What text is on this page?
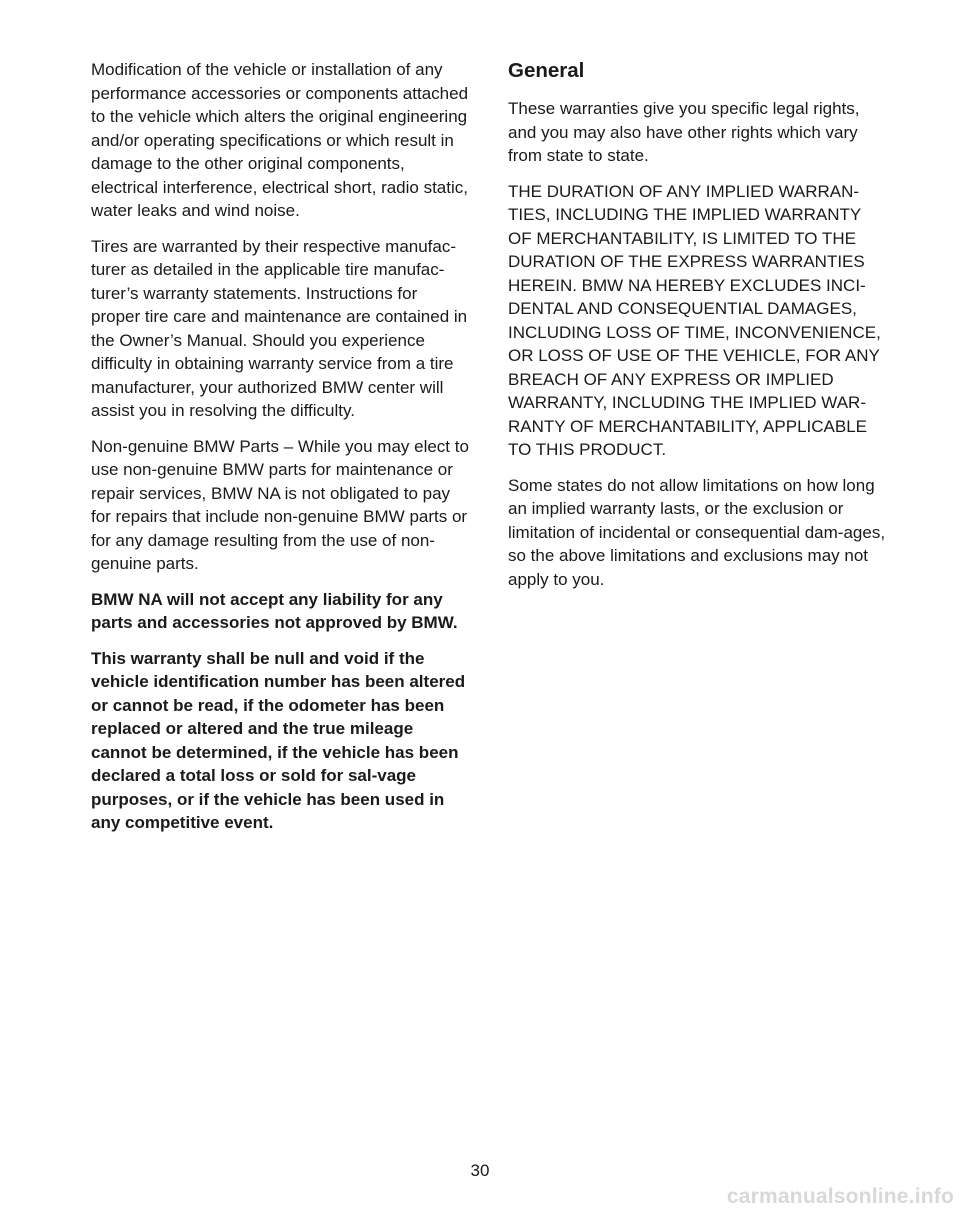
Modification of the vehicle or installation of any performance accessories or components attached to the vehicle which alters the original engineering and/or operating specifications or which result in damage to the other original components, electrical interference, electrical short, radio static, water leaks and wind noise.

Tires are warranted by their respective manufac-turer as detailed in the applicable tire manufac-turer’s warranty statements. Instructions for proper tire care and maintenance are contained in the Owner’s Manual. Should you experience difficulty in obtaining warranty service from a tire manufacturer, your authorized BMW center will assist you in resolving the difficulty.

Non-genuine BMW Parts – While you may elect to use non-genuine BMW parts for maintenance or repair services, BMW NA is not obligated to pay for repairs that include non-genuine BMW parts or for any damage resulting from the use of non-genuine parts.

BMW NA will not accept any liability for any parts and accessories not approved by BMW.

This warranty shall be null and void if the vehicle identification number has been altered or cannot be read, if the odometer has been replaced or altered and the true mileage cannot be determined, if the vehicle has been declared a total loss or sold for sal-vage purposes, or if the vehicle has been used in any competitive event.

General

These warranties give you specific legal rights, and you may also have other rights which vary from state to state.

THE DURATION OF ANY IMPLIED WARRAN-TIES, INCLUDING THE IMPLIED WARRANTY OF MERCHANTABILITY, IS LIMITED TO THE DURATION OF THE EXPRESS WARRANTIES HEREIN. BMW NA HEREBY EXCLUDES INCI-DENTAL AND CONSEQUENTIAL DAMAGES, INCLUDING LOSS OF TIME, INCONVENIENCE, OR LOSS OF USE OF THE VEHICLE, FOR ANY BREACH OF ANY EXPRESS OR IMPLIED WARRANTY, INCLUDING THE IMPLIED WAR-RANTY OF MERCHANTABILITY, APPLICABLE TO THIS PRODUCT.

Some states do not allow limitations on how long an implied warranty lasts, or the exclusion or limitation of incidental or consequential dam-ages, so the above limitations and exclusions may not apply to you.

30
carmanualsonline.info
